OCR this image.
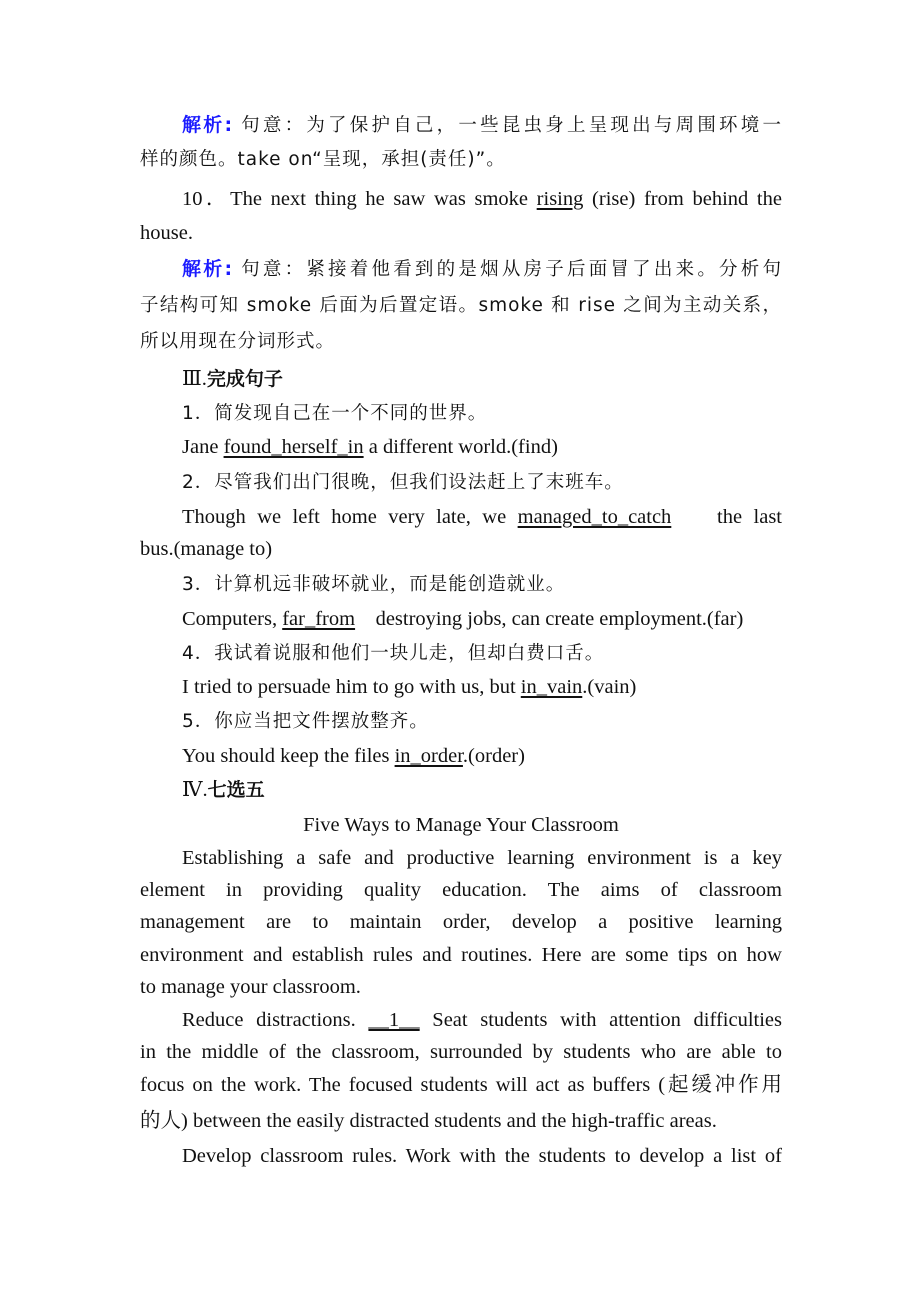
解析: 句意：为了保护自己，一些昆虫身上呈现出与周围环境一
样的颜色。take on“呈现，承担(责任)”。
10．The next thing he saw was smoke rising (rise) from behind the
house.
解析: 句意：紧接着他看到的是烟从房子后面冒了出来。分析句
子结构可知 smoke 后面为后置定语。smoke 和 rise 之间为主动关系，
所以用现在分词形式。
Ⅲ.完成句子
1．简发现自己在一个不同的世界。
Jane found_herself_in a different world.(find)
2．尽管我们出门很晚，但我们设法赶上了末班车。
Though we left home very late, we managed_to_catch    the last
bus.(manage to)
3．计算机远非破坏就业，而是能创造就业。
Computers, far_from    destroying jobs, can create employment.(far)
4．我试着说服和他们一块儿走，但却白费口舌。
I tried to persuade him to go with us, but in_vain.(vain)
5．你应当把文件摆放整齐。
You should keep the files in_order.(order)
Ⅳ.七选五
Five Ways to Manage Your Classroom
Establishing a safe and productive learning environment is a key
element in providing quality education. The aims of classroom
management are to maintain order, develop a positive learning
environment and establish rules and routines. Here are some tips on how
to manage your classroom.
Reduce distractions. __1__ Seat students with attention difficulties
in the middle of the classroom, surrounded by students who are able to
focus on the work. The focused students will act as buffers (起缓冲作用
的人) between the easily distracted students and the high-traffic areas.
Develop classroom rules. Work with the students to develop a list of
